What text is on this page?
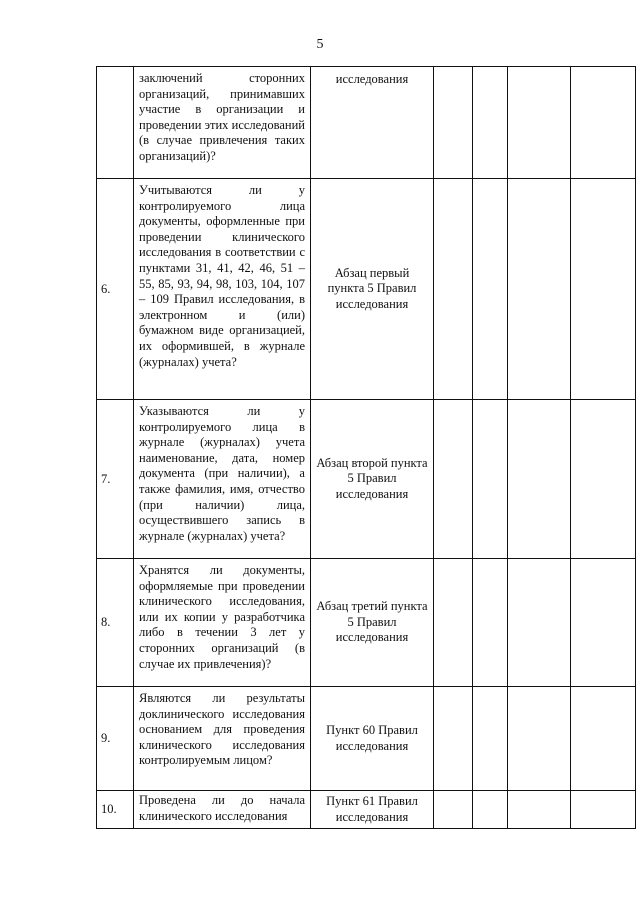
5
	заключений сторонних организаций, принимавших участие в организации и проведении этих исследований (в случае привлечения таких организаций)?	исследования				
6.	Учитываются ли у контролируемого лица документы, оформленные при проведении клинического исследования в соответствии с пунктами 31, 41, 42, 46, 51 – 55, 85, 93, 94, 98, 103, 104, 107 – 109 Правил исследования, в электронном и (или) бумажном виде организацией, их оформившей, в журнале (журналах) учета?	Абзац первый пункта 5 Правил исследования				
7.	Указываются ли у контролируемого лица в журнале (журналах) учета наименование, дата, номер документа (при наличии), а также фамилия, имя, отчество (при наличии) лица, осуществившего запись в журнале (журналах) учета?	Абзац второй пункта 5 Правил исследования				
8.	Хранятся ли документы, оформляемые при проведении клинического исследования, или их копии у разработчика либо в течении 3 лет у сторонних организаций (в случае их привлечения)?	Абзац третий пункта 5 Правил исследования				
9.	Являются ли результаты доклинического исследования основанием для проведения клинического исследования контролируемым лицом?	Пункт 60 Правил исследования				
10.	Проведена ли до начала клинического исследования	Пункт 61 Правил исследования				
